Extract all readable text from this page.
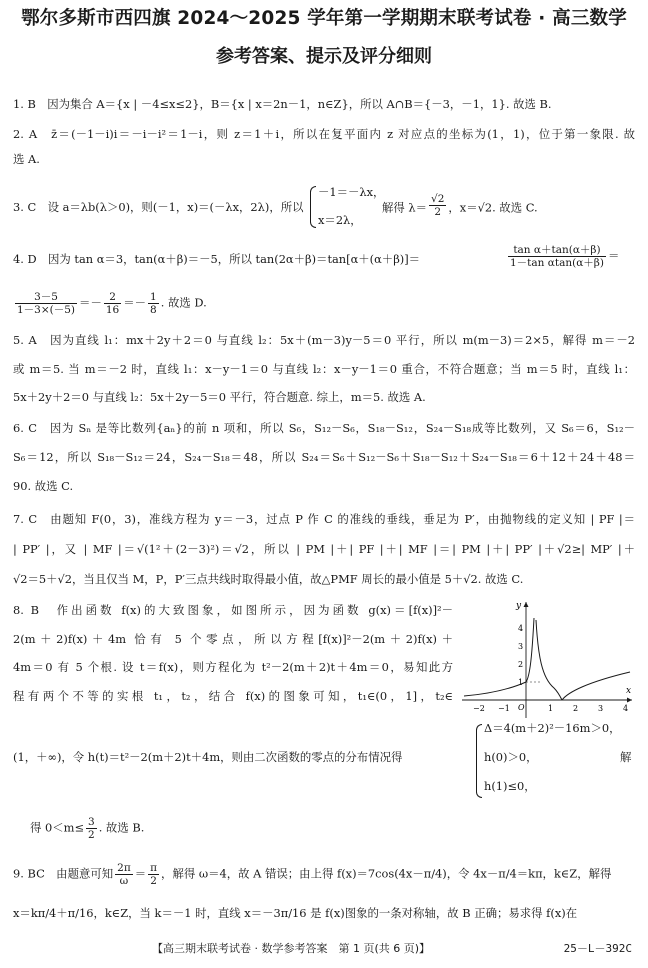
鄂尔多斯市西四旗 2024～2025 学年第一学期期末联考试卷 · 高三数学
参考答案、提示及评分细则
1. B　因为集合 A＝{x | －4≤x≤2}，B＝{x | x＝2n－1，n∈Z}，所以 A∩B＝{－3，－1，1}. 故选 B.
2. A　z̄＝(－1－i)i＝－i－i²＝1－i，则 z＝1＋i，所以在复平面内 z 对应点的坐标为(1，1)，位于第一象限. 故
选 A.
3. C　设 a＝λb(λ＞0)，则(－1，x)＝(－λx，2λ)，所以
－1＝－λx，
x＝2λ，
解得 $\lambda= \frac{√2}{2}$ ，x＝√2. 故选 C.
4. D　因为 tan α＝3，tan(α＋β)＝－5，所以 tan(2α＋β)＝tan[α＋(α＋β)]＝	$\frac{\text{tan α＋tan(α＋β)}}{\text{1－tan αtan(α＋β)}}$ ＝
$\frac{3-5}{1-3\times(-5)} =- \frac{2}{16} =- \frac{1}{8}$ . 故选 D.
5. A　因为直线 l₁：mx＋2y＋2＝0 与直线 l₂：5x＋(m－3)y－5＝0 平行，所以 m(m－3)＝2×5，解得 m＝－2
或 m＝5. 当 m＝－2 时，直线 l₁：x－y－1＝0 与直线 l₂：x－y－1＝0 重合，不符合题意；当 m＝5 时，直线 l₁：
5x＋2y＋2＝0 与直线 l₂：5x＋2y－5＝0 平行，符合题意. 综上，m＝5. 故选 A.
6. C　因为 Sₙ 是等比数列{aₙ}的前 n 项和，所以 S₆，S₁₂－S₆，S₁₈－S₁₂，S₂₄－S₁₈成等比数列，又 S₆＝6，S₁₂－
S₆＝12，所以 S₁₈－S₁₂＝24，S₂₄－S₁₈＝48，所以 S₂₄＝S₆＋S₁₂－S₆＋S₁₈－S₁₂＋S₂₄－S₁₈＝6＋12＋24＋48＝
90. 故选 C.
7. C　由题知 F(0，3)，准线方程为 y＝－3，过点 P 作 C 的准线的垂线，垂足为 P′，由抛物线的定义知 | PF |＝
| PP′ |，又 | MF |＝√(1²＋(2－3)²)＝√2，所以 | PM |＋| PF |＋| MF |＝| PM |＋| PP′ |＋√2≥| MP′ |＋
√2＝5＋√2，当且仅当 M，P，P′三点共线时取得最小值，故△PMF 周长的最小值是 5＋√2. 故选 C.
8. B　作出函数 f(x)的大致图象，如图所示，因为函数 g(x)＝[f(x)]²－
2(m＋2)f(x)＋4m 恰有 5 个零点，所以方程[f(x)]²－2(m＋2)f(x)＋
4m＝0 有 5 个根. 设 t＝f(x)，则方程化为 t²－2(m＋2)t＋4m＝0，易知此方
程有两个不等的实根 t₁，t₂，结合 f(x)的图象可知，t₁∈(0，1]，t₂∈
(1，＋∞)，令 h(t)＝t²－2(m＋2)t＋4m，则由二次函数的零点的分布情况得
Δ＝4(m＋2)²－16m＞0，
h(0)＞0，
h(1)≤0，
解
得 $0<m\le \frac{3}{2}$ . 故选 B.
y
x
O
−2 −1	1 2 3 4
1
2
3
4
9. BC　由题意可知 $\frac{2\pi}{\omega} = \frac{\pi}{2}$ ，解得 ω＝4，故 A 错误；由上得 f(x)＝7cos(4x－π/4)，令 4x－π/4＝kπ，k∈Z，解得
x＝kπ/4＋π/16，k∈Z，当 k＝－1 时，直线 x＝－3π/16 是 f(x)图象的一条对称轴，故 B 正确；易求得 f(x)在
【高三期末联考试卷 · 数学参考答案　第 1 页(共 6 页)】	25－L－392C
